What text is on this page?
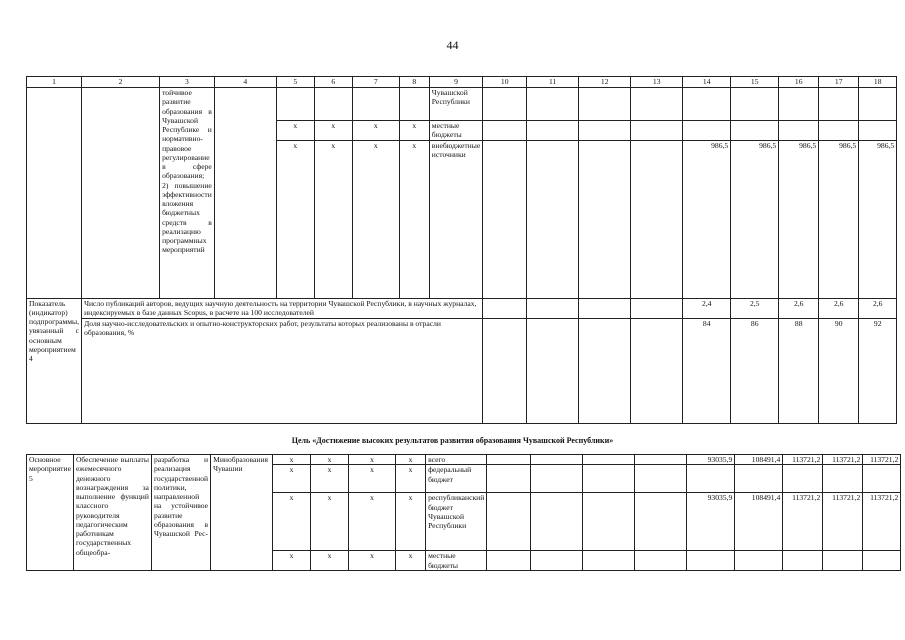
44
1	2	3	4	5	6	7	8	9	10	11	12	13	14	15	16	17	18
		тойчивое развитие образования в Чувашской Республике и нормативно-правовое регулирование в сфере образования; 2) повышение эффективности вложения бюджетных средств в реализацию программных мероприятий						Чувашской Республики									
				х	х	х	х	местные бюджеты									
				х	х	х	х	внебюджетные источники					986,5	986,5	986,5	986,5	986,5
Показатель (индикатор) подпрограммы, увязанный с основным мероприятием 4	Число публикаций авторов, ведущих научную деятельность на территории Чувашской Республики, в научных журналах, индексируемых в базе данных Scopus, в расчете на 100 исследователей												2,4	2,5	2,6	2,6	2,6
	Доля научно-исследовательских и опытно-конструкторских работ, результаты которых реализованы в отрасли образования, %												84	86	88	90	92
Цель «Достижение высоких результатов развития образования Чувашской Республики»
Основное мероприятие 5	Обеспечение выплаты ежемесячного денежного вознаграждения за выполнение функций классного руководителя педагогическим работникам государственных общеобра-	разработка и реализация государственной политики, направленной на устойчивое развитие образования в Чувашской Рес-	Минобразования Чувашии	х	х	х	х	всего					93035,9	108491,4	113721,2	113721,2	113721,2
				х	х	х	х	федеральный бюджет									
				х	х	х	х	республиканский бюджет Чувашской Республики					93035,9	108491,4	113721,2	113721,2	113721,2
				х	х	х	х	местные бюджеты									
